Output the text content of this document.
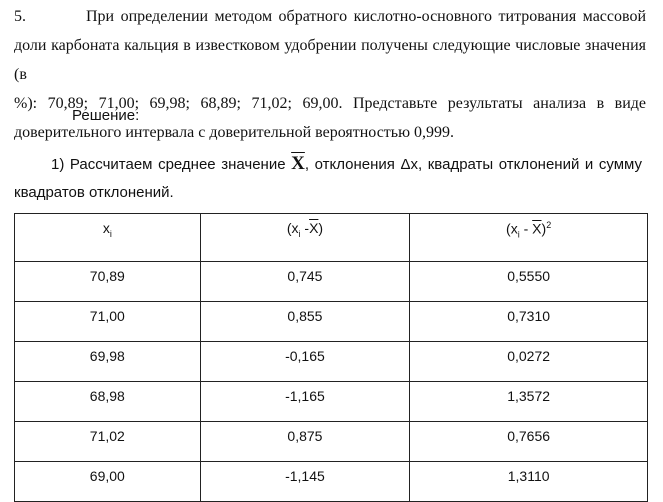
5.	При определении методом обратного кислотно-основного титрования массовой
доли карбоната кальция в известковом удобрении получены следующие числовые значения (в
%): 70,89; 71,00; 69,98; 68,89; 71,02; 69,00. Представьте результаты анализа в виде
доверительного интервала с доверительной вероятностью 0,999.
Решение:
1) Рассчитаем среднее значение $\overline{X}$, отклонения Δx, квадраты отклонений и сумму
квадратов отклонений.
$x_i$	($x_i$ $-\overline{X}$)	$(x_i - \overline{X})^2$
70,89	0,745	0,5550
71,00	0,855	0,7310
69,98	-0,165	0,0272
68,98	-1,165	1,3572
71,02	0,875	0,7656
69,00	-1,145	1,3110
